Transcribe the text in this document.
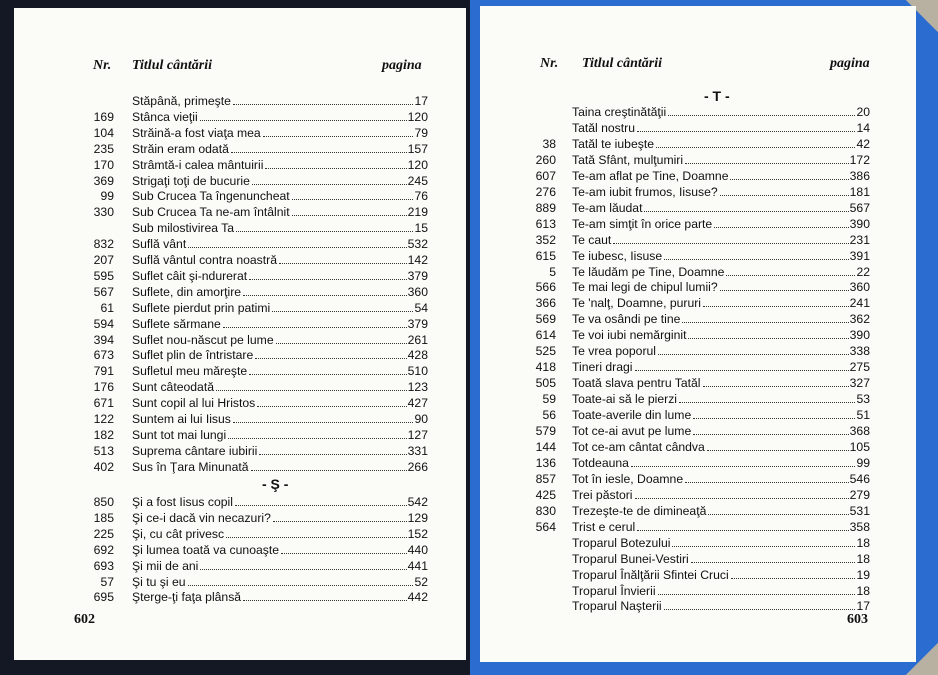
Nr. Titlul cântării	pagina
Stăpână, primeşte	17
169 Stânca vieţii	120
104 Străină-a fost viaţa mea	79
235 Străin eram odată	157
170 Strâmtă-i calea mântuirii	120
369 Strigaţi toţi de bucurie	245
99 Sub Crucea Ta îngenuncheat	76
330 Sub Crucea Ta ne-am întâlnit	219
Sub milostivirea Ta	15
832 Suflă vânt	532
207 Suflă vântul contra noastră	142
595 Suflet câit şi-ndurerat	379
567 Suflete, din amorţire	360
61 Suflete pierdut prin patimi	54
594 Suflete sărmane	379
394 Suflet nou-născut pe lume	261
673 Suflet plin de întristare	428
791 Sufletul meu măreşte	510
176 Sunt câteodată	123
671 Sunt copil al lui Hristos	427
122 Suntem ai lui Iisus	90
182 Sunt tot mai lungi	127
513 Suprema cântare iubirii	331
402 Sus în Ţara Minunată	266
- Ş -
850 Şi a fost Iisus copil	542
185 Şi ce-i dacă vin necazuri?	129
225 Şi, cu cât privesc	152
692 Şi lumea toată va cunoaşte	440
693 Şi mii de ani	441
57 Şi tu şi eu	52
695 Şterge-ţi faţa plânsă	442
602
Nr. Titlul cântării	pagina
- T -
Taina creştinătăţii	20
Tatăl nostru	14
38 Tatăl te iubeşte	42
260 Tată Sfânt, mulţumiri	172
607 Te-am aflat pe Tine, Doamne	386
276 Te-am iubit frumos, Iisuse?	181
889 Te-am lăudat	567
613 Te-am simţit în orice parte	390
352 Te caut	231
615 Te iubesc, Iisuse	391
5 Te lăudăm pe Tine, Doamne	22
566 Te mai legi de chipul lumii?	360
366 Te 'nalţ, Doamne, pururi	241
569 Te va osândi pe tine	362
614 Te voi iubi nemărginit	390
525 Te vrea poporul	338
418 Tineri dragi	275
505 Toată slava pentru Tatăl	327
59 Toate-ai să le pierzi	53
56 Toate-averile din lume	51
579 Tot ce-ai avut pe lume	368
144 Tot ce-am cântat cândva	105
136 Totdeauna	99
857 Tot în iesle, Doamne	546
425 Trei păstori	279
830 Trezeşte-te de dimineaţă	531
564 Trist e cerul	358
Troparul Botezului	18
Troparul Bunei-Vestiri	18
Troparul Înălţării Sfintei Cruci	19
Troparul Învierii	18
Troparul Naşterii	17
603
